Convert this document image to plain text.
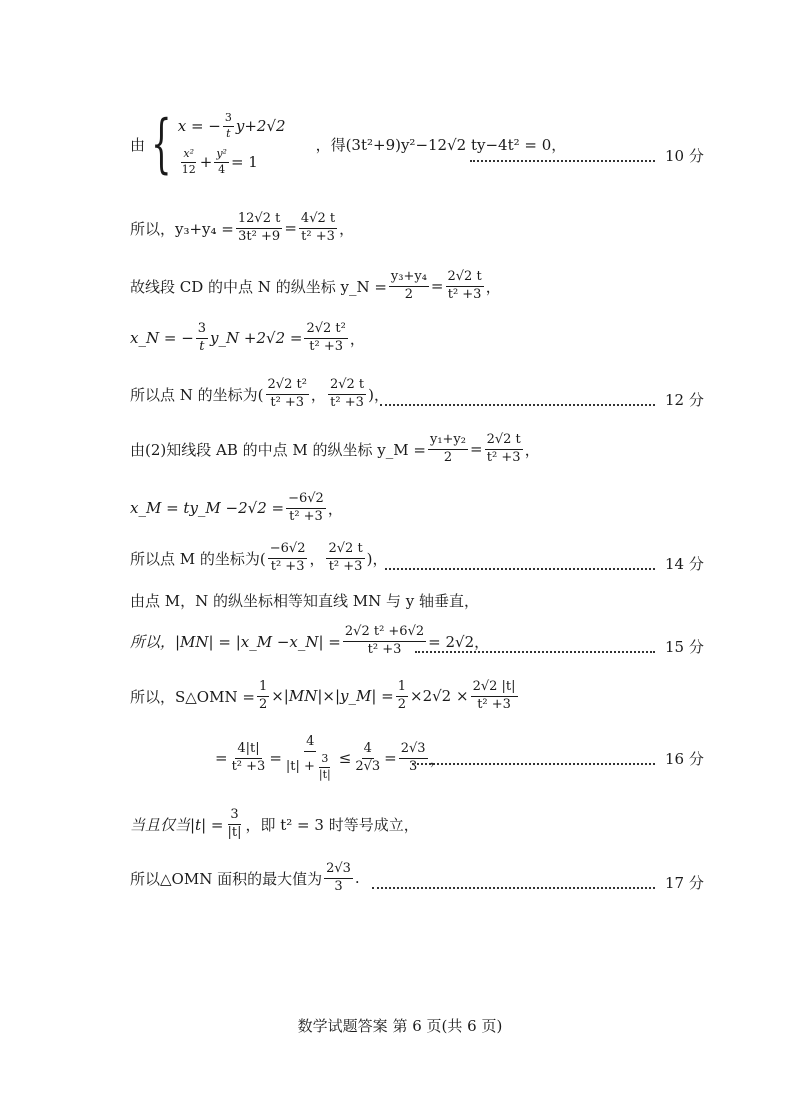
由 { x = − $\frac{3}{t} y+2√2$
$\frac{\text{x²}}{12} + \frac{\text{y²}}{4} = 1$
，得(3t²+9)y²−12√2 ty−4t² = 0，
10 分
所以，$y_3+y_4 = \frac{12√2 t}{\text{3t² +9}} = \frac{4√2 t}{\text{t² +3}}$ ，
故线段 CD 的中点 N 的纵坐标 y_N = $\frac{\text{y₃+y₄}}{2} = \frac{2√2 t}{\text{t² +3}}$ ，
x_N = − $\frac{3}{t}$ y_N $+2√2 = \frac{\text{2√2 t²}}{\text{t² +3}}$ ，
所以点 N 的坐标为( $\frac{\text{2√2 t²}}{\text{t² +3}}$ ， $\frac{2√2 t}{\text{t² +3}}$ )，	12 分
由(2)知线段 AB 的中点 M 的纵坐标 y_M = $\frac{\text{y₁+y₂}}{2} = \frac{2√2 t}{\text{t² +3}}$ ，
x_M = ty_M $-2√2 = \frac{-6√2}{\text{t² +3}}$ ，
所以点 M 的坐标为( $\frac{-6√2}{\text{t² +3}}$ ， $\frac{2√2 t}{\text{t² +3}}$ )，	14 分
由点 M，N 的纵坐标相等知直线 MN 与 y 轴垂直，
所以，|MN| = |x_M −x_N| = $\frac{\text{2√2 t² +6√2}}{\text{t² +3}} = 2√2$，	15 分
所以，S△OMN = $\frac{1}{2}$ ×|MN|×|y_M| = $\frac{1}{2} \times 2√2 \times \frac{2√2 |t|}{\text{t² +3}}$
= $\frac{4|t|}{\text{t² +3}} = \frac{4}{|t| + \frac{3}{|t|}} \le \frac{4}{2√3} = \frac{2√3}{3}$ ，	16 分
当且仅当$|t| = \frac{3}{|t|}$ ，即 t² = 3 时等号成立，
所以△OMN 面积的最大值为 $\frac{2√3}{3}$ .	17 分
数学试题答案 第 6 页(共 6 页)
